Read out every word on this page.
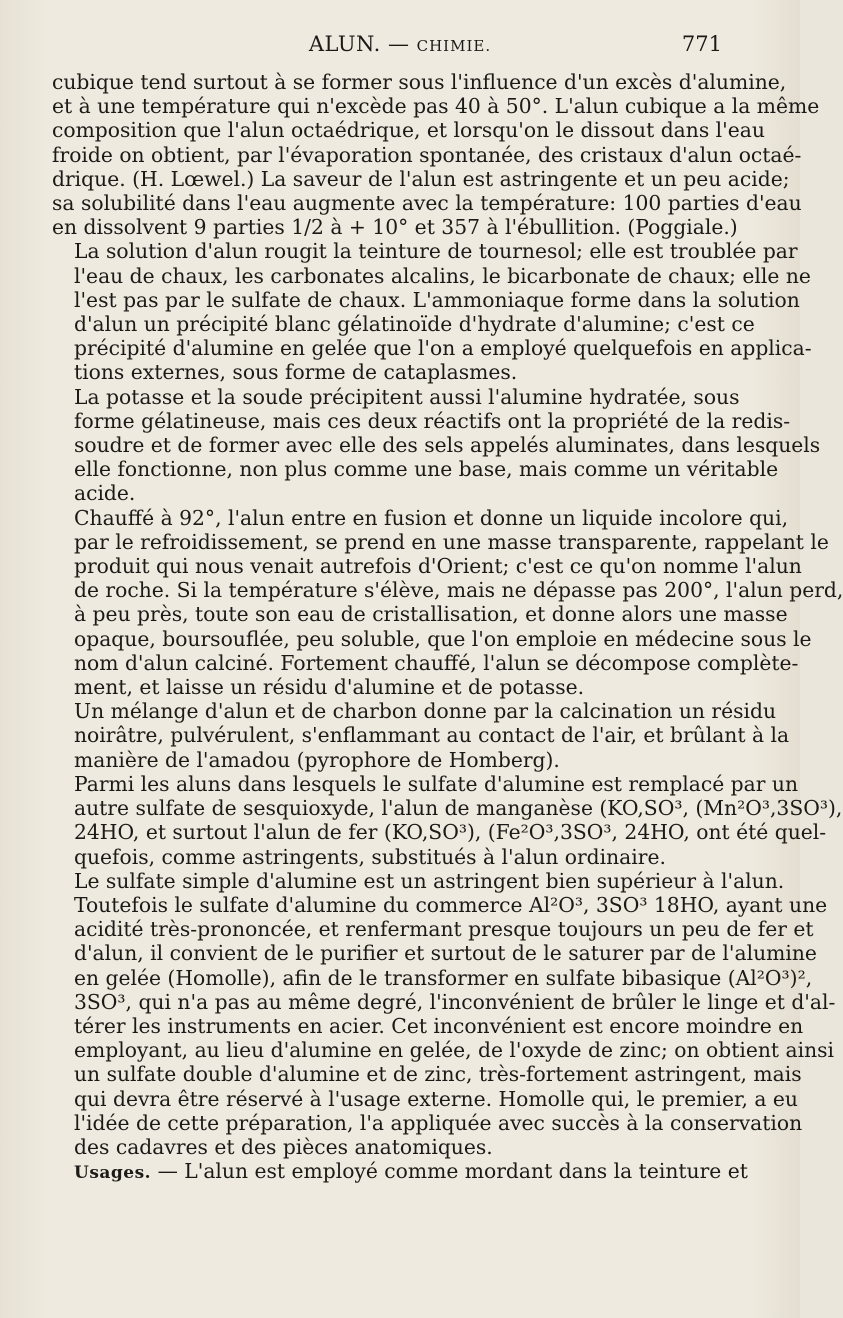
ALUN. — CHIMIE.	771
cubique tend surtout à se former sous l'influence d'un excès d'alumine,
et à une température qui n'excède pas 40 à 50°. L'alun cubique a la même
composition que l'alun octaédrique, et lorsqu'on le dissout dans l'eau
froide on obtient, par l'évaporation spontanée, des cristaux d'alun octaé-
drique. (H. Lœwel.) La saveur de l'alun est astringente et un peu acide;
sa solubilité dans l'eau augmente avec la température: 100 parties d'eau
en dissolvent 9 parties 1/2 à + 10° et 357 à l'ébullition. (Poggiale.)
La solution d'alun rougit la teinture de tournesol; elle est troublée par
l'eau de chaux, les carbonates alcalins, le bicarbonate de chaux; elle ne
l'est pas par le sulfate de chaux. L'ammoniaque forme dans la solution
d'alun un précipité blanc gélatinoïde d'hydrate d'alumine; c'est ce
précipité d'alumine en gelée que l'on a employé quelquefois en applica-
tions externes, sous forme de cataplasmes.
La potasse et la soude précipitent aussi l'alumine hydratée, sous
forme gélatineuse, mais ces deux réactifs ont la propriété de la redis-
soudre et de former avec elle des sels appelés aluminates, dans lesquels
elle fonctionne, non plus comme une base, mais comme un véritable
acide.
Chauffé à 92°, l'alun entre en fusion et donne un liquide incolore qui,
par le refroidissement, se prend en une masse transparente, rappelant le
produit qui nous venait autrefois d'Orient; c'est ce qu'on nomme l'alun
de roche. Si la température s'élève, mais ne dépasse pas 200°, l'alun perd,
à peu près, toute son eau de cristallisation, et donne alors une masse
opaque, boursouflée, peu soluble, que l'on emploie en médecine sous le
nom d'alun calciné. Fortement chauffé, l'alun se décompose complète-
ment, et laisse un résidu d'alumine et de potasse.
Un mélange d'alun et de charbon donne par la calcination un résidu
noirâtre, pulvérulent, s'enflammant au contact de l'air, et brûlant à la
manière de l'amadou (pyrophore de Homberg).
Parmi les aluns dans lesquels le sulfate d'alumine est remplacé par un
autre sulfate de sesquioxyde, l'alun de manganèse (KO,SO³, (Mn²O³,3SO³),
24HO, et surtout l'alun de fer (KO,SO³), (Fe²O³,3SO³, 24HO, ont été quel-
quefois, comme astringents, substitués à l'alun ordinaire.
Le sulfate simple d'alumine est un astringent bien supérieur à l'alun.
Toutefois le sulfate d'alumine du commerce Al²O³, 3SO³ 18HO, ayant une
acidité très-prononcée, et renfermant presque toujours un peu de fer et
d'alun, il convient de le purifier et surtout de le saturer par de l'alumine
en gelée (Homolle), afin de le transformer en sulfate bibasique (Al²O³)²,
3SO³, qui n'a pas au même degré, l'inconvénient de brûler le linge et d'al-
térer les instruments en acier. Cet inconvénient est encore moindre en
employant, au lieu d'alumine en gelée, de l'oxyde de zinc; on obtient ainsi
un sulfate double d'alumine et de zinc, très-fortement astringent, mais
qui devra être réservé à l'usage externe. Homolle qui, le premier, a eu
l'idée de cette préparation, l'a appliquée avec succès à la conservation
des cadavres et des pièces anatomiques.
Usages. — L'alun est employé comme mordant dans la teinture et
